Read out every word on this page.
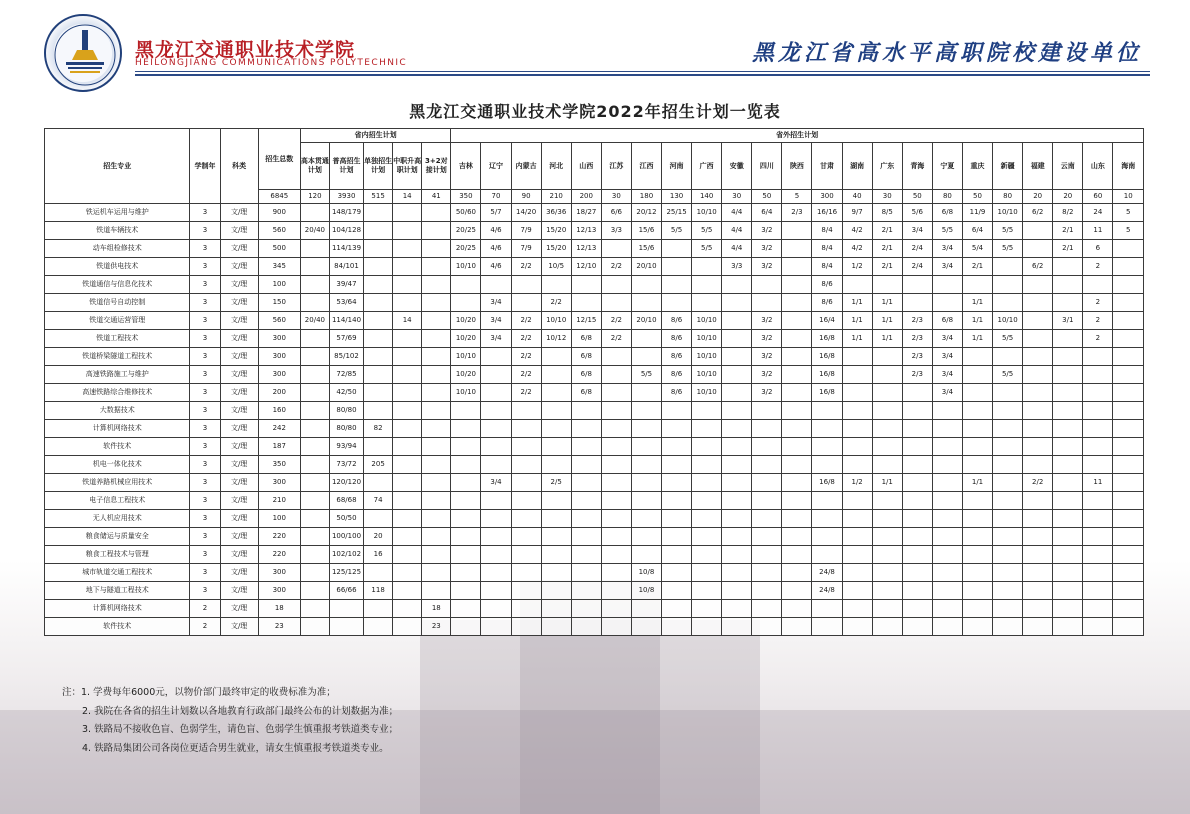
黑龙江交通职业技术学院
HEILONGJIANG COMMUNICATIONS POLYTECHNIC	黑龙江省高水平高职院校建设单位
黑龙江交通职业技术学院2022年招生计划一览表
招生专业	学制年	科类	招生总数	省内招生计划					省外招生计划																						
				高本贯通计划	普高招生计划	单独招生计划	中职升高职计划	3+2对接计划	吉林	辽宁	内蒙古	河北	山西	江苏	江西	河南	广西	安徽	四川	陕西	甘肃	湖南	广东	青海	宁夏	重庆	新疆	福建	云南	山东	海南
			6845	120	3930	515	14	41	350	70	90	210	200	30	180	130	140	30	50	5	300	40	30	50	80	50	80	20	20	60	10
铁运机车运用与维护	3	文/理	900		148/179				50/60	5/7	14/20	36/36	18/27	6/6	20/12	25/15	10/10	4/4	6/4	2/3	16/16	9/7	8/5	5/6	6/8	11/9	10/10	6/2	8/2	24	5
铁道车辆技术	3	文/理	560	20/40	104/128				20/25	4/6	7/9	15/20	12/13	3/3	15/6	5/5	5/5	4/4	3/2		8/4	4/2	2/1	3/4	5/5	6/4	5/5		2/1	11	5
动车组检修技术	3	文/理	500		114/139				20/25	4/6	7/9	15/20	12/13		15/6		5/5	4/4	3/2		8/4	4/2	2/1	2/4	3/4	5/4	5/5		2/1	6	
铁道供电技术	3	文/理	345		84/101				10/10	4/6	2/2	10/5	12/10	2/2	20/10			3/3	3/2		8/4	1/2	2/1	2/4	3/4	2/1		6/2		2	
铁道通信与信息化技术	3	文/理	100		39/47																8/6										
铁道信号自动控制	3	文/理	150		53/64					3/4		2/2									8/6	1/1	1/1			1/1				2	
铁道交通运营管理	3	文/理	560	20/40	114/140		14		10/20	3/4	2/2	10/10	12/15	2/2	20/10	8/6	10/10		3/2		16/4	1/1	1/1	2/3	6/8	1/1	10/10		3/1	2	
铁道工程技术	3	文/理	300		57/69				10/20	3/4	2/2	10/12	6/8	2/2		8/6	10/10		3/2		16/8	1/1	1/1	2/3	3/4	1/1	5/5			2	
铁道桥梁隧道工程技术	3	文/理	300		85/102				10/10		2/2		6/8			8/6	10/10		3/2		16/8			2/3	3/4						
高速铁路施工与维护	3	文/理	300		72/85				10/20		2/2		6/8		5/5	8/6	10/10		3/2		16/8			2/3	3/4		5/5				
高速铁路综合维修技术	3	文/理	200		42/50				10/10		2/2		6/8			8/6	10/10		3/2		16/8				3/4						
大数据技术	3	文/理	160		80/80																										
计算机网络技术	3	文/理	242		80/80	82																									
软件技术	3	文/理	187		93/94																										
机电一体化技术	3	文/理	350		73/72	205																									
铁道养路机械应用技术	3	文/理	300		120/120					3/4		2/5									16/8	1/2	1/1			1/1		2/2		11	
电子信息工程技术	3	文/理	210		68/68	74																									
无人机应用技术	3	文/理	100		50/50																										
粮食储运与质量安全	3	文/理	220		100/100	20																									
粮食工程技术与管理	3	文/理	220		102/102	16																									
城市轨道交通工程技术	3	文/理	300		125/125										10/8						24/8										
地下与隧道工程技术	3	文/理	300		66/66	118									10/8						24/8										
计算机网络技术	2	文/理	18					18																							
软件技术	2	文/理	23					23																							
注：1. 学费每年6000元，以物价部门最终审定的收费标准为准；
2. 我院在各省的招生计划数以各地教育行政部门最终公布的计划数据为准；
3. 铁路局不接收色盲、色弱学生，请色盲、色弱学生慎重报考铁道类专业；
4. 铁路局集团公司各岗位更适合男生就业，请女生慎重报考铁道类专业。
